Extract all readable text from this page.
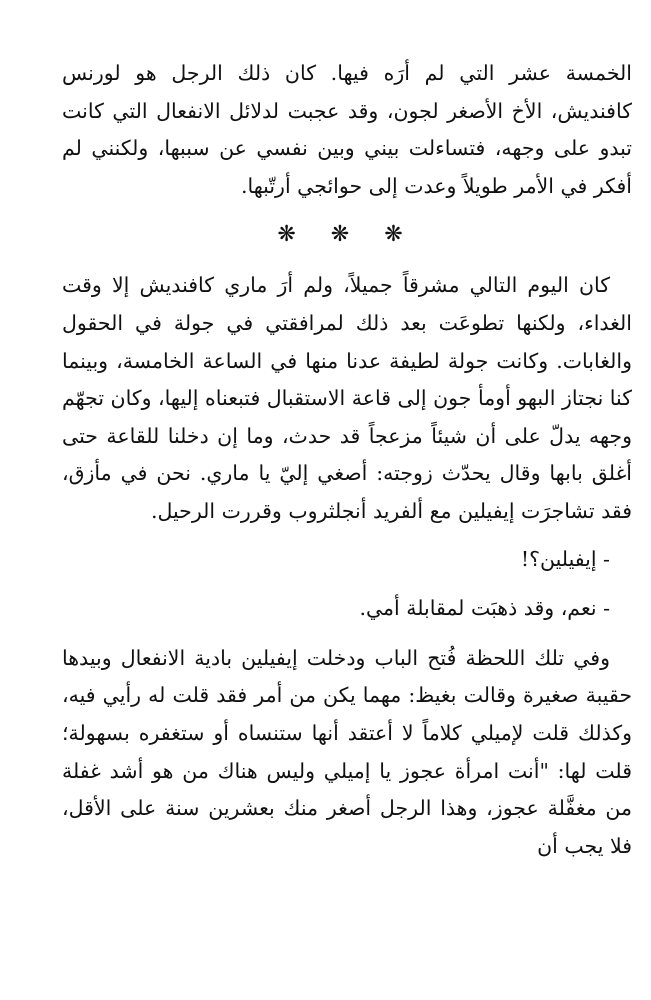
الخمسة عشر التي لم أرَه فيها. كان ذلك الرجل هو لورنس كافنديش، الأخ الأصغر لجون، وقد عجبت لدلائل الانفعال التي كانت تبدو على وجهه، فتساءلت بيني وبين نفسي عن سببها، ولكنني لم أفكر في الأمر طويلاً وعدت إلى حوائجي أرتّبها.

❋ ❋ ❋

كان اليوم التالي مشرقاً جميلاً، ولم أرَ ماري كافنديش إلا وقت الغداء، ولكنها تطوعَت بعد ذلك لمرافقتي في جولة في الحقول والغابات. وكانت جولة لطيفة عدنا منها في الساعة الخامسة، وبينما كنا نجتاز البهو أومأ جون إلى قاعة الاستقبال فتبعناه إليها، وكان تجهّم وجهه يدلّ على أن شيئاً مزعجاً قد حدث، وما إن دخلنا للقاعة حتى أغلق بابها وقال يحدّث زوجته: أصغي إليّ يا ماري. نحن في مأزق، فقد تشاجرَت إيفيلين مع ألفريد أنجلثروب وقررت الرحيل.

- إيفيلين؟!

- نعم، وقد ذهبَت لمقابلة أمي.

وفي تلك اللحظة فُتح الباب ودخلت إيفيلين بادية الانفعال وبيدها حقيبة صغيرة وقالت بغيظ: مهما يكن من أمر فقد قلت له رأيي فيه، وكذلك قلت لإميلي كلاماً لا أعتقد أنها ستنساه أو ستغفره بسهولة؛ قلت لها: "أنت امرأة عجوز يا إميلي وليس هناك من هو أشد غفلة من مغفَّلة عجوز، وهذا الرجل أصغر منك بعشرين سنة على الأقل، فلا يجب أن
